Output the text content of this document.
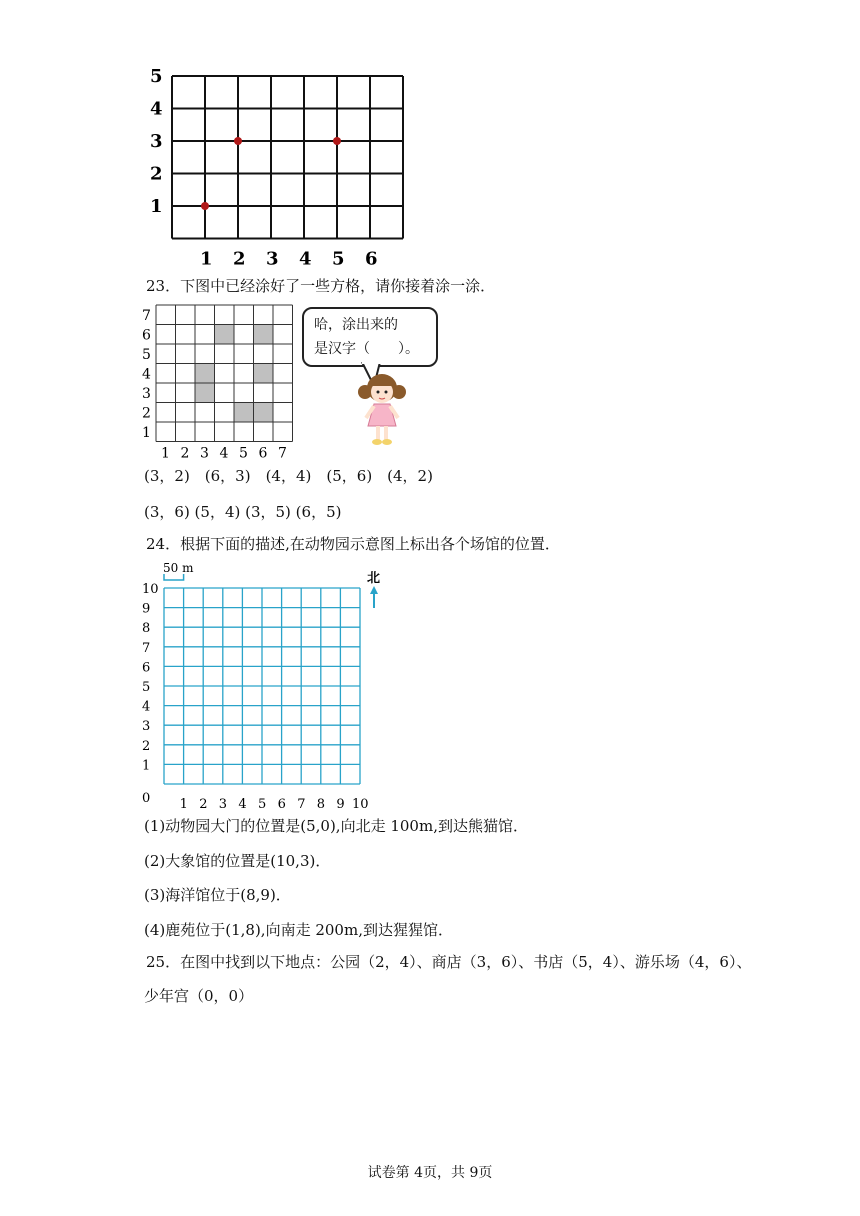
5
4
3
2
1
1 2 3 4 5 6
23．下图中已经涂好了一些方格，请你接着涂一涂．
7
6
5
4
3
2
1
1 2 3 4 5 6 7
哈，涂出来的
是汉字（　　）。
(3，2)　(6，3)　(4，4)　(5，6)　(4，2)
(3，6) (5，4) (3，5) (6，5)
24．根据下面的描述,在动物园示意图上标出各个场馆的位置．
50 m
北
10
9
8
7
6
5
4
3
2
1
0 1 2 3 4 5 6 7 8 9 10
(1)动物园大门的位置是(5,0),向北走 100m,到达熊猫馆．
(2)大象馆的位置是(10,3)．
(3)海洋馆位于(8,9)．
(4)鹿苑位于(1,8),向南走 200m,到达猩猩馆．
25．在图中找到以下地点：公园（2，4）、商店（3，6）、书店（5，4）、游乐场（4，6）、
少年宫（0，0）
试卷第 4页，共 9页
